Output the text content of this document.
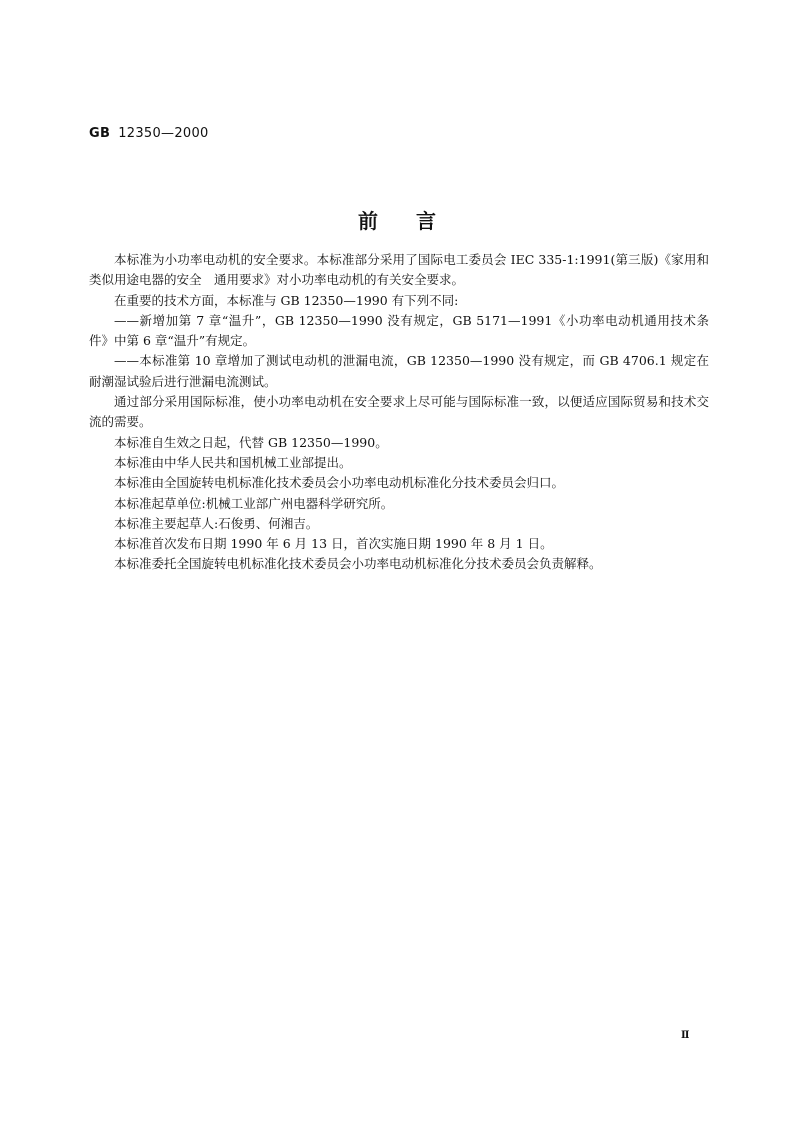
GB 12350—2000
前言

本标准为小功率电动机的安全要求。本标准部分采用了国际电工委员会 IEC 335-1:1991(第三版)《家用和类似用途电器的安全　通用要求》对小功率电动机的有关安全要求。

在重要的技术方面，本标准与 GB 12350—1990 有下列不同:

——新增加第 7 章“温升”，GB 12350—1990 没有规定，GB 5171—1991《小功率电动机通用技术条件》中第 6 章“温升”有规定。

——本标准第 10 章增加了测试电动机的泄漏电流，GB 12350—1990 没有规定，而 GB 4706.1 规定在耐潮湿试验后进行泄漏电流测试。

通过部分采用国际标准，使小功率电动机在安全要求上尽可能与国际标准一致，以便适应国际贸易和技术交流的需要。

本标准自生效之日起，代替 GB 12350—1990。

本标准由中华人民共和国机械工业部提出。

本标准由全国旋转电机标准化技术委员会小功率电动机标准化分技术委员会归口。

本标准起草单位:机械工业部广州电器科学研究所。

本标准主要起草人:石俊勇、何湘吉。

本标准首次发布日期 1990 年 6 月 13 日，首次实施日期 1990 年 8 月 1 日。

本标准委托全国旋转电机标准化技术委员会小功率电动机标准化分技术委员会负责解释。

Ⅱ
